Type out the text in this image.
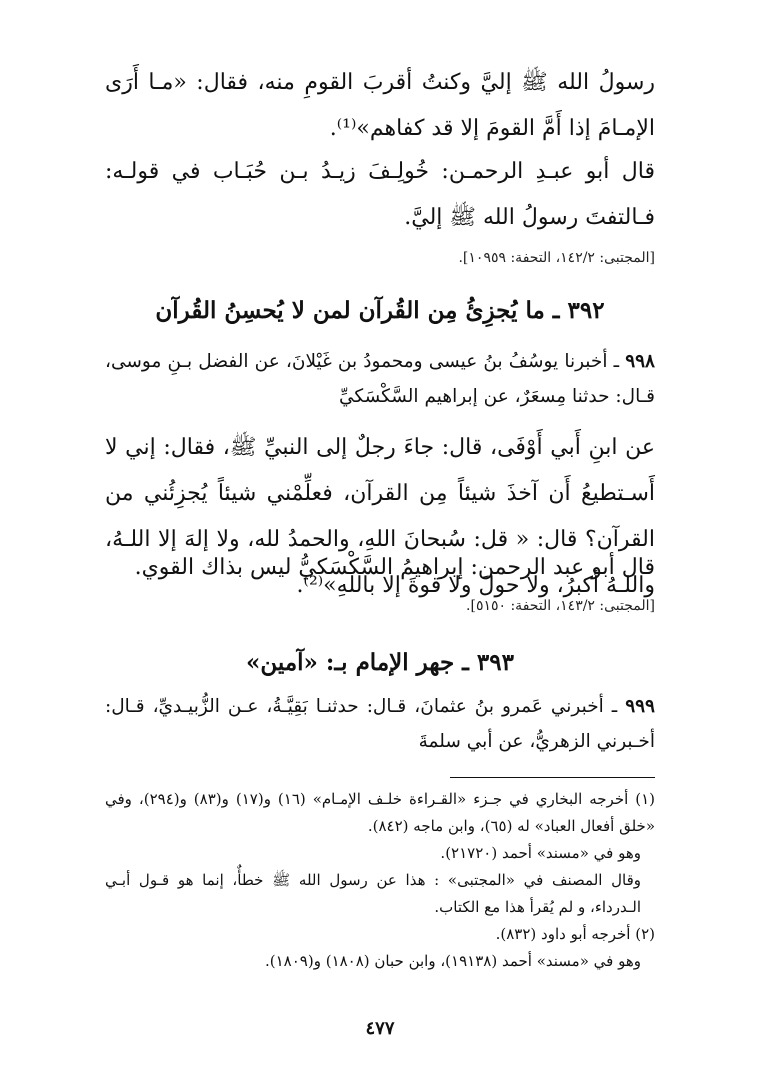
رسولُ الله ﷺ إليَّ وكنتُ أقربَ القومِ منه، فقال: «مـا أَرَى الإمـامَ إذا أَمَّ القومَ إلا قد كفاهم»⁽¹⁾.

قال أبو عبـدِ الرحمـن: خُولِـفَ زيـدُ بـن حُبَـاب في قولـه: فـالتفتَ رسولُ الله ﷺ إليَّ.

[المجتبى: ١٤٢/٢، التحفة: ١٠٩٥٩].

٣٩٢ ـ ما يُجزِئُ مِن القُرآن لمن لا يُحسِنُ القُرآن

٩٩٨ ـ أخبرنا يوسُفُ بنُ عيسى ومحمودُ بن غَيْلانَ، عن الفضل بـنِ موسى، قـال: حدثنا مِسعَرٌ، عن إبراهيم السَّكْسَكيِّ

عن ابنِ أَبي أَوْفَى، قال: جاءَ رجلٌ إلى النبيِّ ﷺ، فقال: إني لا أَسـتطيعُ أَن آخذَ شيئاً مِن القرآن، فعلِّمْني شيئاً يُجزِئُني من القرآن؟ قال: « قل: سُبحانَ اللهِ، والحمدُ لله، ولا إلهَ إلا اللـهُ، واللـهُ أكبرُ، ولا حولَ ولا قوةَ إلا باللهِ»⁽²⁾.

قال أبو عبد الرحمن: إبراهيمُ السَّكْسَكيُّ ليس بذاك القوي.

[المجتبى: ١٤٣/٢، التحفة: ٥١٥٠].

٣٩٣ ـ جهر الإمام بـ: «آمين»

٩٩٩ ـ أخبرني عَمرو بنُ عثمانَ، قـال: حدثنـا بَقِيَّـةُ، عـن الزُّبيـديِّ، قـال: أخـبرني الزهريُّ، عن أبي سلمةَ

(١) أخرجه البخاري في جـزء «القـراءة خلـف الإمـام» (١٦) و(١٧) و(٨٣) و(٢٩٤)، وفي «خلق أفعال العباد» له (٦٥)، وابن ماجه (٨٤٢).
وهو في «مسند» أحمد (٢١٧٢٠).
وقال المصنف في «المجتبى» : هذا عن رسول الله ﷺ خطأٌ، إنما هو قـول أبـي الـدرداء، و لم يُقرأ هذا مع الكتاب.
(٢) أخرجه أبو داود (٨٣٢).
وهو في «مسند» أحمد (١٩١٣٨)، وابن حبان (١٨٠٨) و(١٨٠٩).
٤٧٧
